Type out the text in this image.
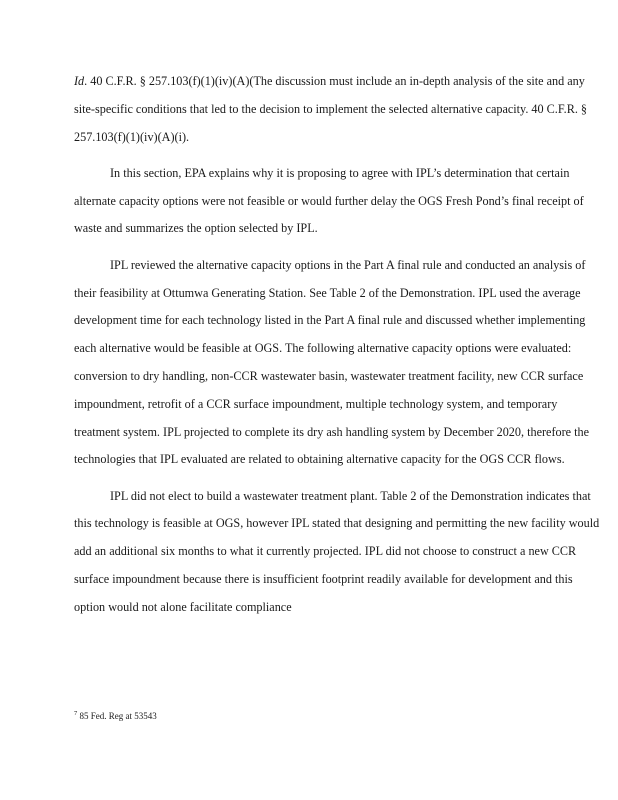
Id. 40 C.F.R. § 257.103(f)(1)(iv)(A)(The discussion must include an in-depth analysis of the site and any site-specific conditions that led to the decision to implement the selected alternative capacity. 40 C.F.R. § 257.103(f)(1)(iv)(A)(i).

In this section, EPA explains why it is proposing to agree with IPL’s determination that certain alternate capacity options were not feasible or would further delay the OGS Fresh Pond’s final receipt of waste and summarizes the option selected by IPL.

IPL reviewed the alternative capacity options in the Part A final rule and conducted an analysis of their feasibility at Ottumwa Generating Station. See Table 2 of the Demonstration. IPL used the average development time for each technology listed in the Part A final rule and discussed whether implementing each alternative would be feasible at OGS. The following alternative capacity options were evaluated: conversion to dry handling, non-CCR wastewater basin, wastewater treatment facility, new CCR surface impoundment, retrofit of a CCR surface impoundment, multiple technology system, and temporary treatment system. IPL projected to complete its dry ash handling system by December 2020, therefore the technologies that IPL evaluated are related to obtaining alternative capacity for the OGS CCR flows.

IPL did not elect to build a wastewater treatment plant. Table 2 of the Demonstration indicates that this technology is feasible at OGS, however IPL stated that designing and permitting the new facility would add an additional six months to what it currently projected. IPL did not choose to construct a new CCR surface impoundment because there is insufficient footprint readily available for development and this option would not alone facilitate compliance

$^7$ 85 Fed. Reg at 53543
